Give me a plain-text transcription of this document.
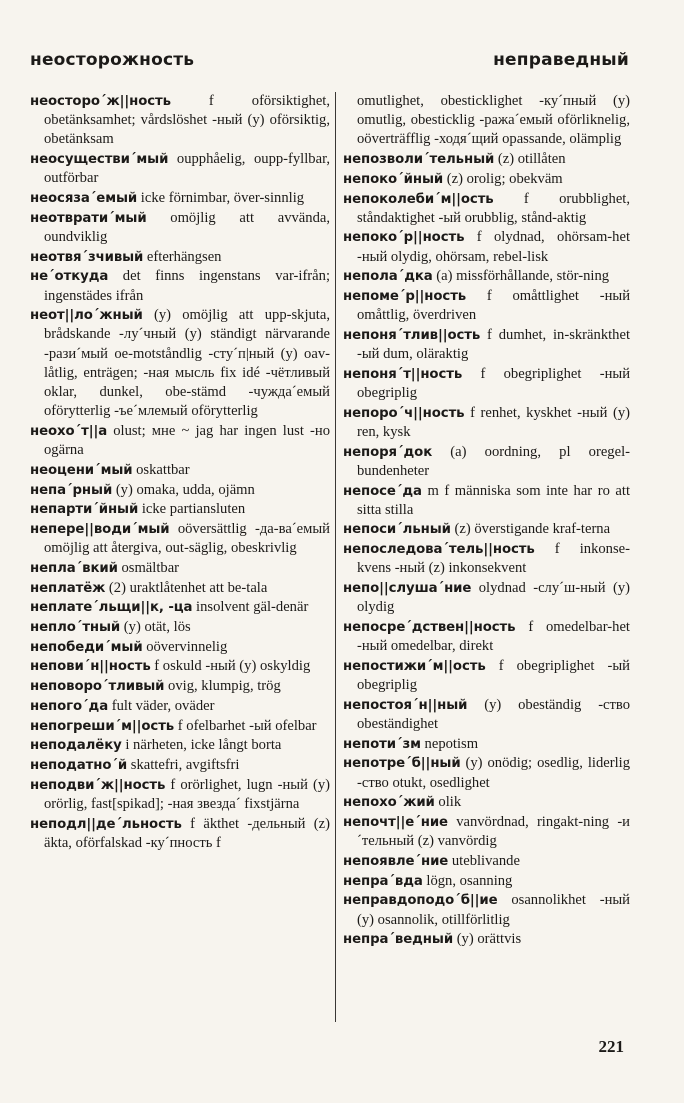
неосторожность	неправедный

неосторо´ж||ность f oförsiktighet, obetänksamhet; vårdslöshet -ный (y) oförsiktig, obetänksam

неосуществи´мый oupphåelig, oupp-fyllbar, outförbar

неосяза´емый icke förnimbar, över-sinnlig

неотврати´мый omöjlig att avvända, oundviklig

неотвя´зчивый efterhängsen

не´откуда det finns ingenstans var-ifrån; ingenstädes ifrån

неот||ло´жный (y) omöjlig att upp-skjuta, brådskande -лу´чный (y) ständigt närvarande -рази´мый oe-motståndlig -сту´п|ный (y) oav-låtlig, enträgen; -ная мысль fix idé -чётливый oklar, dunkel, obe-stämd -чужда´емый oförytterlig -ъе´млемый oförytterlig

неохо´т||а olust; мне ~ jag har ingen lust -но ogärna

неоцени´мый oskattbar

непа´рный (y) omaka, udda, ojämn

непарти´йный icke partiansluten

непере||води´мый oöversättlig -да-ва´емый omöjlig att återgiva, out-säglig, obeskrivlig

непла´вкий osmältbar

неплатёж (2) uraktlåtenhet att be-tala

неплате´льщи||к, -ца insolvent gäl-denär

непло´тный (y) otät, lös

непобеди´мый oövervinnelig

непови´н||ность f oskuld -ный (y) oskyldig

неповоро´тливый ovig, klumpig, trög

непого´да fult väder, oväder

непогреши´м||ость f ofelbarhet -ый ofelbar

неподалёку i närheten, icke långt borta

неподатно´й skattefri, avgiftsfri

неподви´ж||ность f orörlighet, lugn -ный (y) orörlig, fast[spikad]; -ная звезда´ fixstjärna

неподл||де´льность f äkthet -дельный (z) äkta, oförfalskad -ку´пность f

omutlighet, obesticklighet -ку´пный (y) omutlig, obesticklig -ража´емый oförliknelig, oöverträfflig -ходя´щий opassande, olämplig

непозволи´тельный (z) otillåten

непоко´йный (z) orolig; obekväm

непоколеби´м||ость f orubblighet, ståndaktighet -ый orubblig, stånd-aktig

непоко´р||ность f olydnad, ohörsam-het -ный olydig, ohörsam, rebel-lisk

непола´дка (a) missförhållande, stör-ning

непоме´р||ность f omåttlighet -ный omåttlig, överdriven

непоня´тлив||ость f dumhet, in-skränkthet -ый dum, oläraktig

непоня´т||ность f obegriplighet -ный obegriplig

непоро´ч||ность f renhet, kyskhet -ный (y) ren, kysk

непоря´док (a) oordning, pl oregel-bundenheter

непосе´да m f människa som inte har ro att sitta stilla

непоси´льный (z) överstigande kraf-terna

непоследова´тель||ность f inkonse-kvens -ный (z) inkonsekvent

непо||слуша´ние olydnad -слу´ш-ный (y) olydig

непосре´дствен||ность f omedelbar-het -ный omedelbar, direkt

непостижи´м||ость f obegriplighet -ый obegriplig

непостоя´н||ный (y) obeständig -ство obeständighet

непоти´зм nepotism

непотре´б||ный (y) onödig; osedlig, liderlig -ство otukt, osedlighet

непохо´жий olik

непочт||е´ние vanvördnad, ringakt-ning -и´тельный (z) vanvördig

непоявле´ние uteblivande

непра´вда lögn, osanning

неправдоподо´б||ие osannolikhet -ный (y) osannolik, otillförlitlig

непра´ведный (y) orättvis

221
